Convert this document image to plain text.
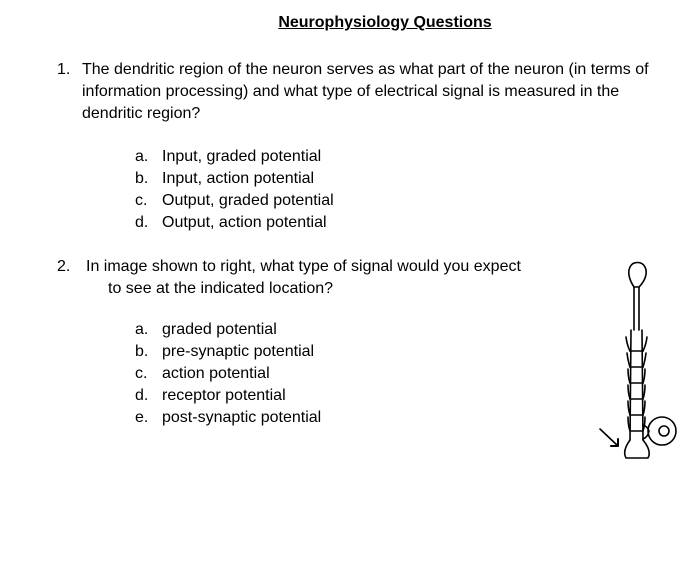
Neurophysiology Questions
1. The dendritic region of the neuron serves as what part of the neuron (in terms of
information processing) and what type of electrical signal is measured in the
dendritic region?
a. Input, graded potential
b. Input, action potential
c. Output, graded potential
d. Output, action potential
2. In image shown to right, what type of signal would you expect
to see at the indicated location?
a. graded potential
b. pre-synaptic potential
c. action potential
d. receptor potential
e. post-synaptic potential
